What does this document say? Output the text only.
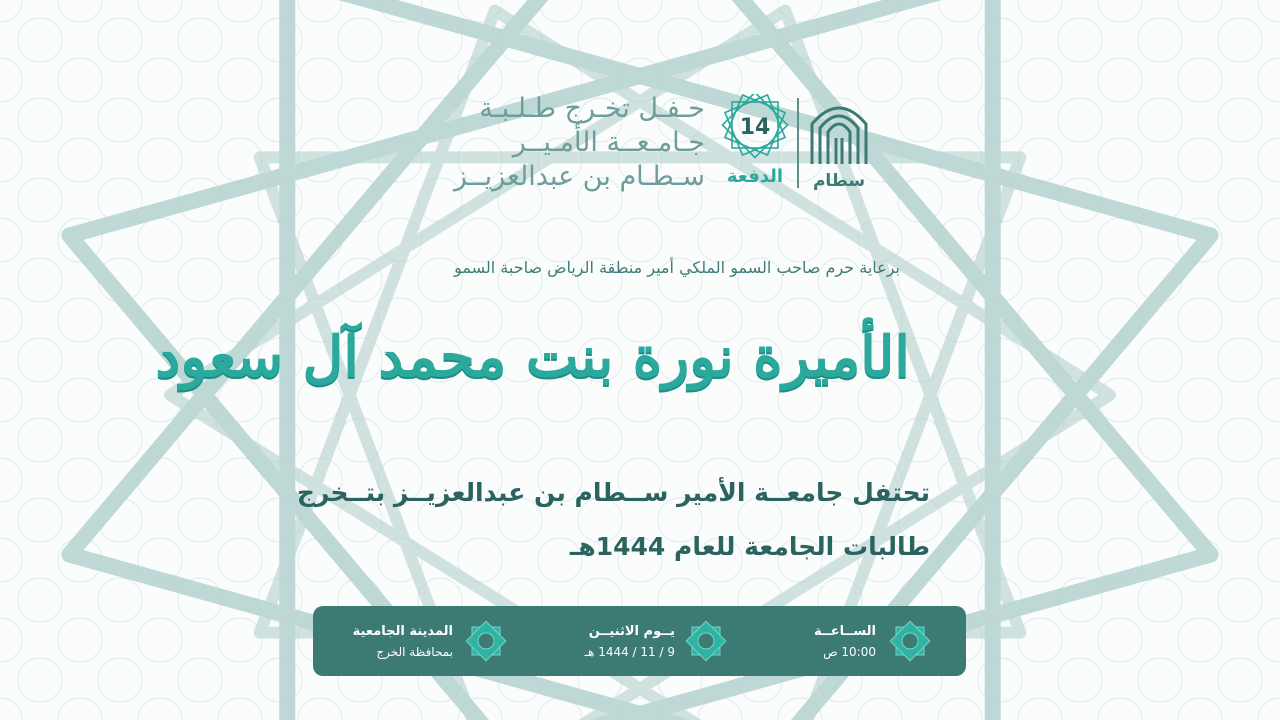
حـفـل تخـرج طـلـبـة
جـامـعــة الأمـيــر
سـطـام بن عبدالعزيــز
14
الدفعة سطام
برعاية حرم صاحب السمو الملكي أمير منطقة الرياض صاحبة السمو
الأميرة نورة بنت محمد آل سعود
تحتفل جامعــة الأمير ســطام بن عبدالعزيــز بتــخرج
طالبات الجامعة للعام 1444هـ
الســاعــة
10:00 ص
يــوم الاثنيــن
9 / 11 / 1444 هـ
المدينة الجامعية
بمحافظة الخرج
